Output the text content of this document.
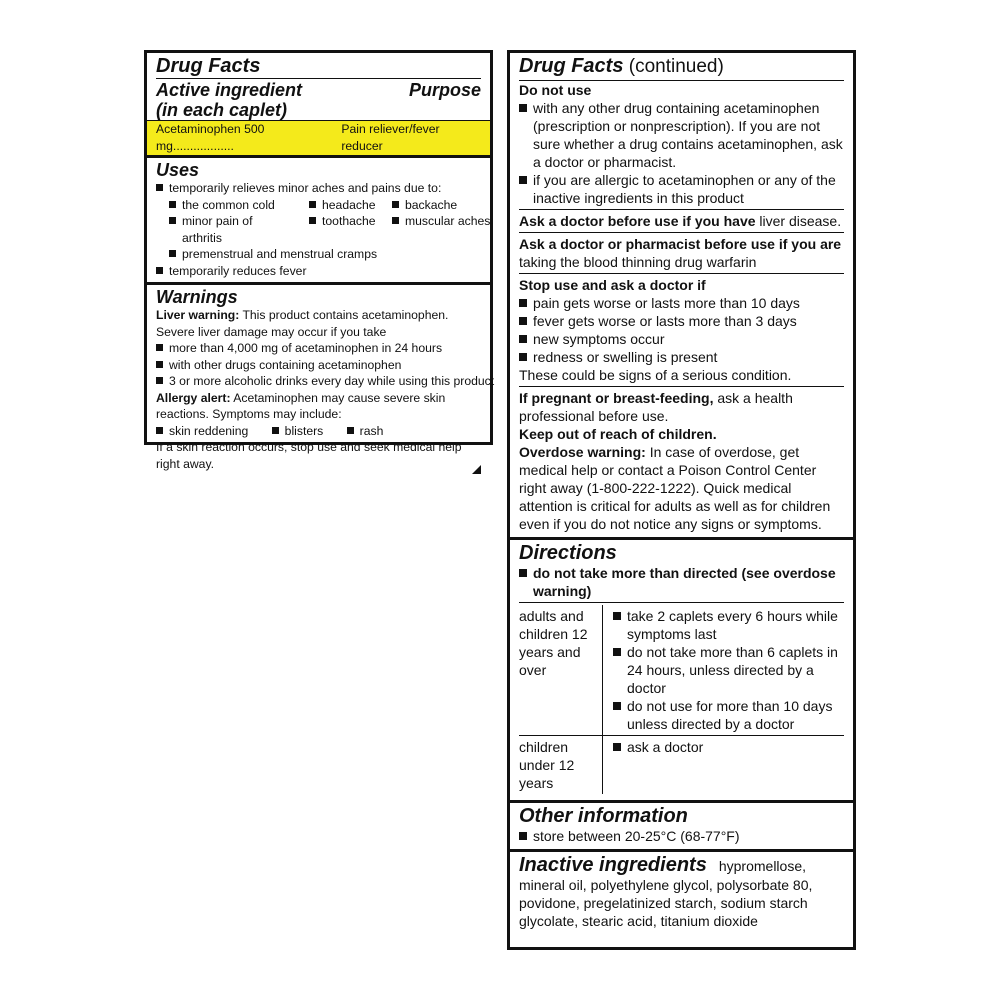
Drug Facts
Active ingredient
(in each caplet)
Purpose
Acetaminophen 500 mg..................
Pain reliever/fever reducer
Uses
temporarily relieves minor aches and pains due to:
the common cold
minor pain of arthritis
headache
toothache
backache
muscular aches
premenstrual and menstrual cramps
temporarily reduces fever
Warnings
Liver warning: This product contains acetaminophen. Severe liver damage may occur if you take
more than 4,000 mg of acetaminophen in 24 hours
with other drugs containing acetaminophen
3 or more alcoholic drinks every day while using this product
Allergy alert: Acetaminophen may cause severe skin reactions. Symptoms may include:
skin reddening	blisters	rash
If a skin reaction occurs, stop use and seek medical help right away.
Drug Facts (continued)
Do not use
with any other drug containing acetaminophen (prescription or nonprescription). If you are not sure whether a drug contains acetaminophen, ask a doctor or pharmacist.
if you are allergic to acetaminophen or any of the inactive ingredients in this product
Ask a doctor before use if you have liver disease.
Ask a doctor or pharmacist before use if you are
taking the blood thinning drug warfarin
Stop use and ask a doctor if
pain gets worse or lasts more than 10 days
fever gets worse or lasts more than 3 days
new symptoms occur
redness or swelling is present
These could be signs of a serious condition.
If pregnant or breast-feeding, ask a health professional before use.
Keep out of reach of children.
Overdose warning: In case of overdose, get medical help or contact a Poison Control Center right away (1-800-222-1222). Quick medical attention is critical for adults as well as for children even if you do not notice any signs or symptoms.
Directions
do not take more than directed (see overdose warning)
adults and children 12 years and over
take 2 caplets every 6 hours while symptoms last
do not take more than 6 caplets in 24 hours, unless directed by a doctor
do not use for more than 10 days unless directed by a doctor
children under 12 years
ask a doctor
Other information
store between 20-25°C (68-77°F)
Inactive ingredients hypromellose, mineral oil, polyethylene glycol, polysorbate 80, povidone, pregelatinized starch, sodium starch glycolate, stearic acid, titanium dioxide
